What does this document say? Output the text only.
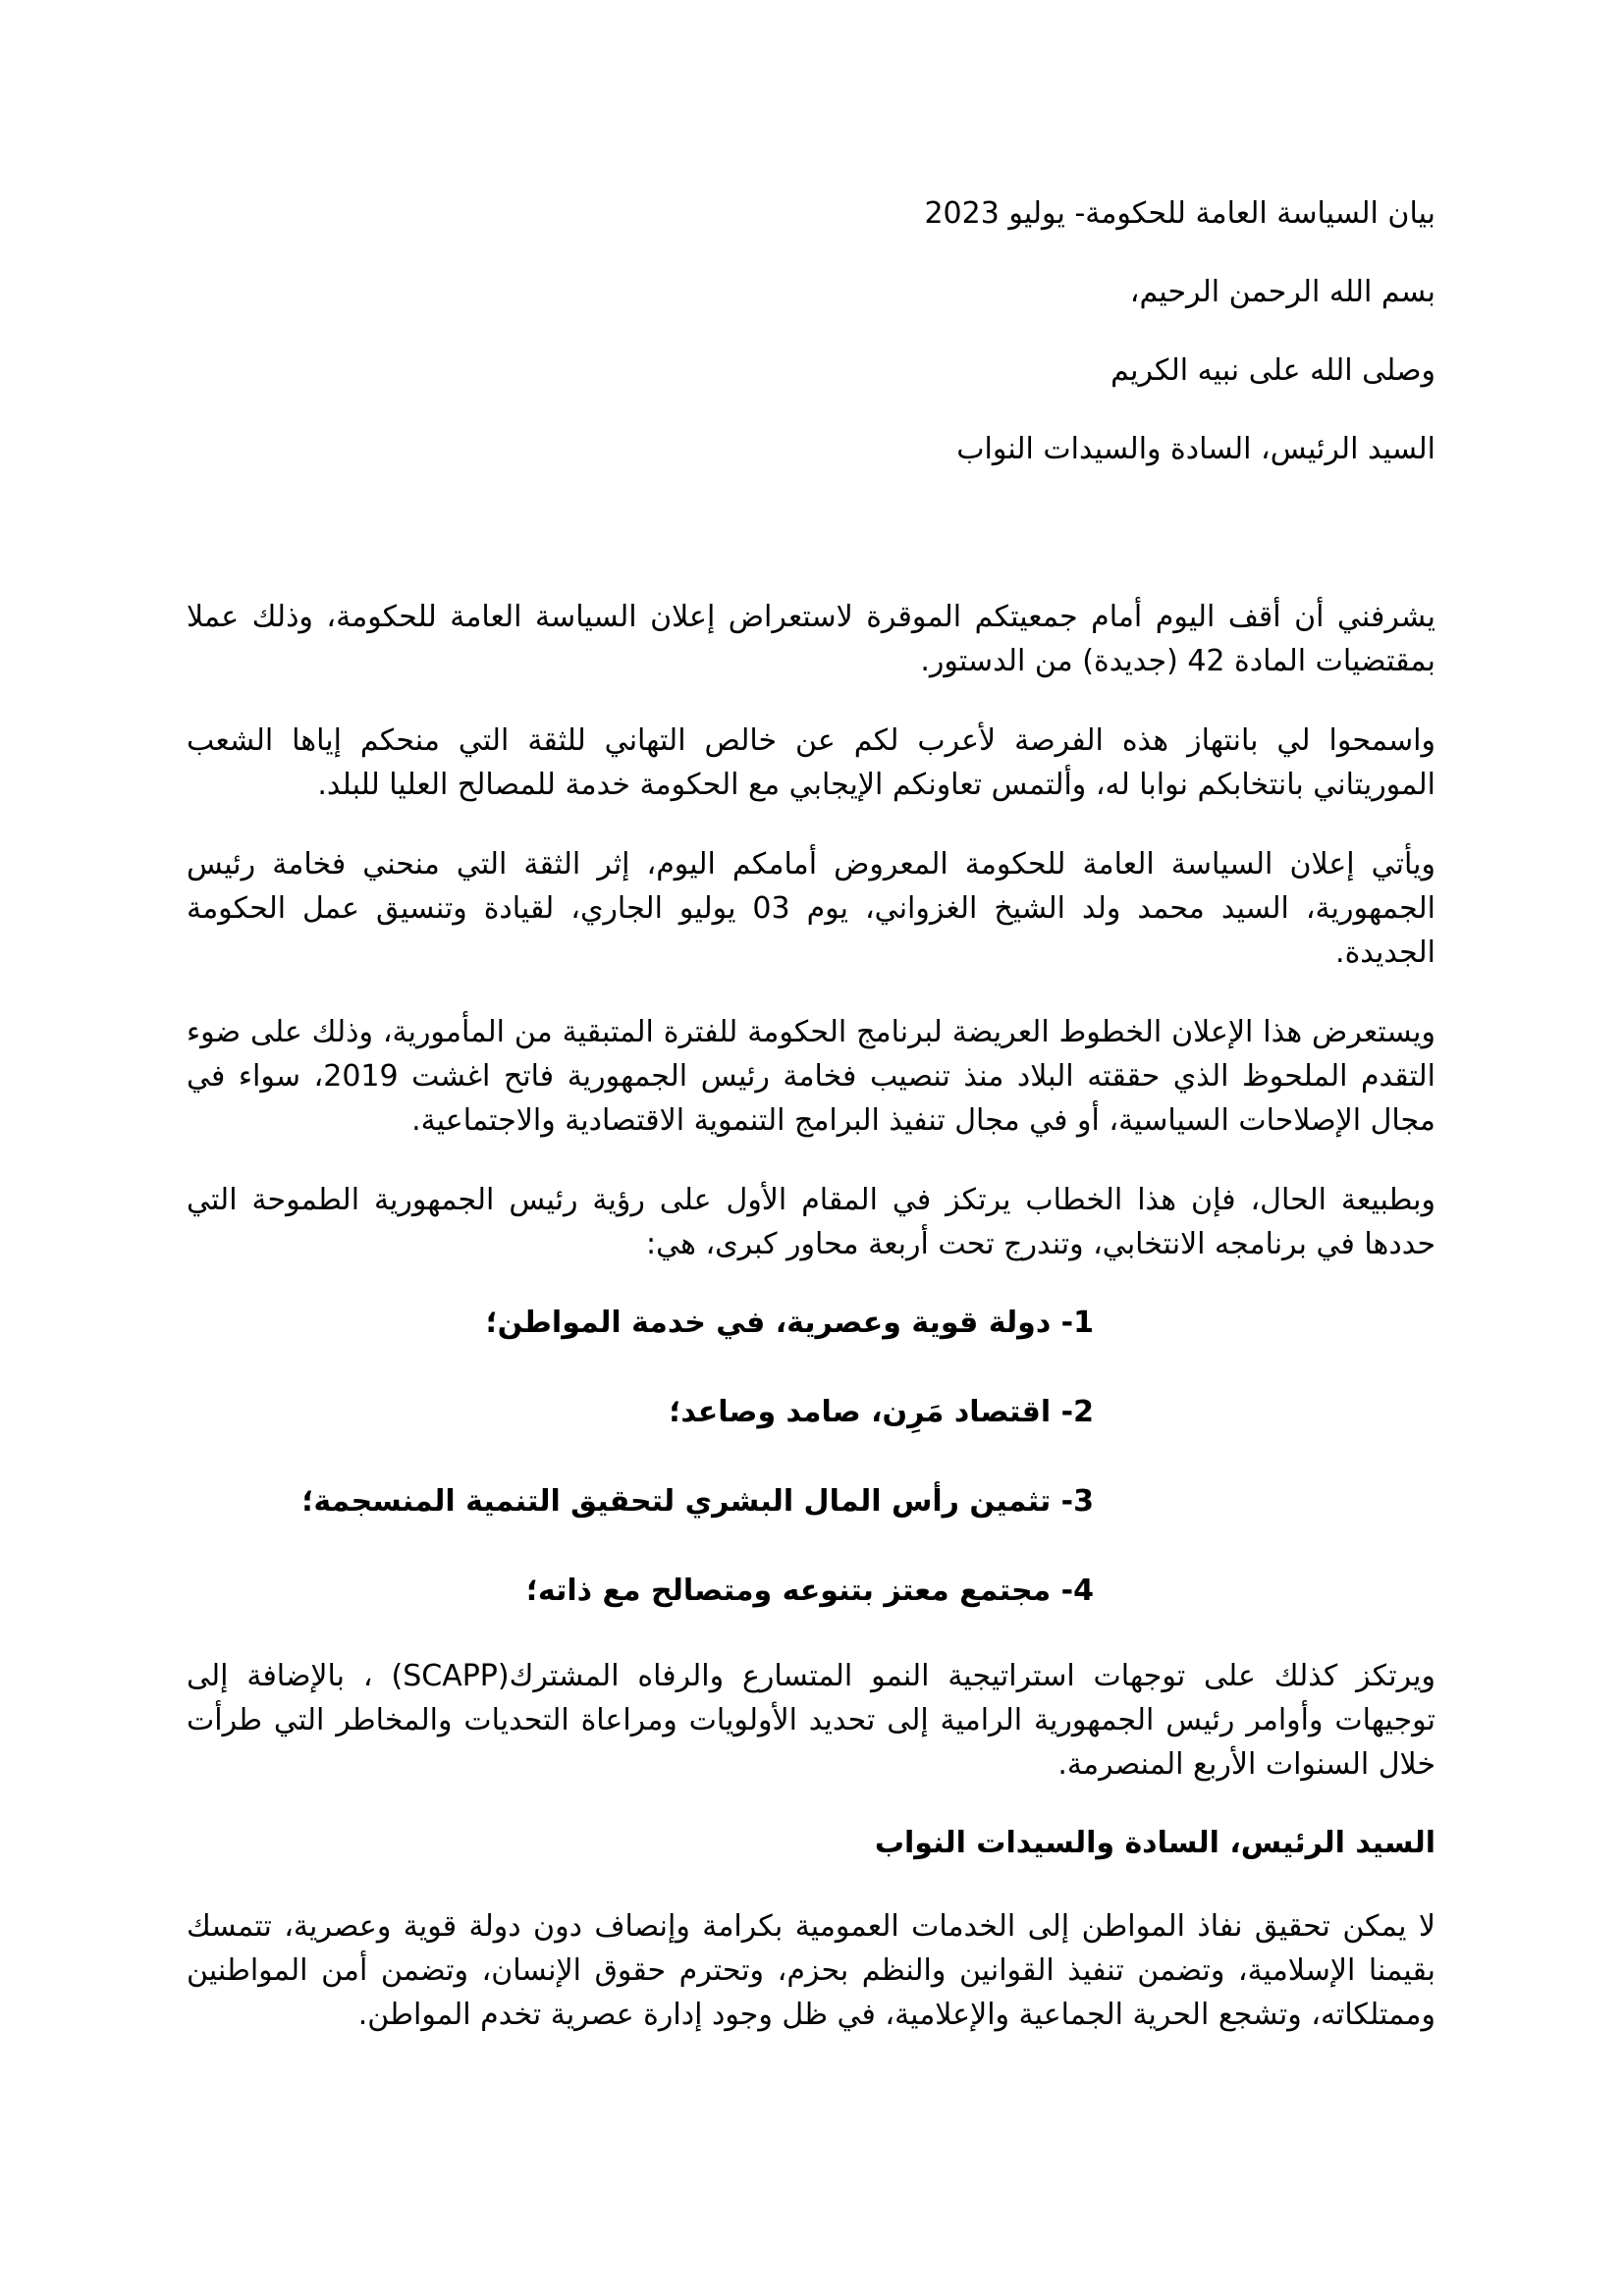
بيان السياسة العامة للحكومة- يوليو 2023
بسم الله الرحمن الرحيم،
وصلى الله على نبيه الكريم
السيد الرئيس، السادة والسيدات النواب

يشرفني أن أقف اليوم أمام جمعيتكم الموقرة لاستعراض إعلان السياسة العامة للحكومة، وذلك عملا بمقتضيات المادة 42 (جديدة) من الدستور.

واسمحوا لي بانتهاز هذه الفرصة لأعرب لكم عن خالص التهاني للثقة التي منحكم إياها الشعب الموريتاني بانتخابكم نوابا له، وألتمس تعاونكم الإيجابي مع الحكومة خدمة للمصالح العليا للبلد.

ويأتي إعلان السياسة العامة للحكومة المعروض أمامكم اليوم، إثر الثقة التي منحني فخامة رئيس الجمهورية، السيد محمد ولد الشيخ الغزواني، يوم 03 يوليو الجاري، لقيادة وتنسيق عمل الحكومة الجديدة.

ويستعرض هذا الإعلان الخطوط العريضة لبرنامج الحكومة للفترة المتبقية من المأمورية، وذلك على ضوء التقدم الملحوظ الذي حققته البلاد منذ تنصيب فخامة رئيس الجمهورية فاتح اغشت 2019، سواء في مجال الإصلاحات السياسية، أو في مجال تنفيذ البرامج التنموية الاقتصادية والاجتماعية.

وبطبيعة الحال، فإن هذا الخطاب يرتكز في المقام الأول على رؤية رئيس الجمهورية الطموحة التي حددها في برنامجه الانتخابي، وتندرج تحت أربعة محاور كبرى، هي:

1- دولة قوية وعصرية، في خدمة المواطن؛
2- اقتصاد مَرِن، صامد وصاعد؛
3- تثمين رأس المال البشري لتحقيق التنمية المنسجمة؛
4- مجتمع معتز بتنوعه ومتصالح مع ذاته؛

ويرتكز كذلك على توجهات استراتيجية النمو المتسارع والرفاه المشترك(SCAPP) ، بالإضافة إلى توجيهات وأوامر رئيس الجمهورية الرامية إلى تحديد الأولويات ومراعاة التحديات والمخاطر التي طرأت خلال السنوات الأربع المنصرمة.

السيد الرئيس، السادة والسيدات النواب

لا يمكن تحقيق نفاذ المواطن إلى الخدمات العمومية بكرامة وإنصاف دون دولة قوية وعصرية، تتمسك بقيمنا الإسلامية، وتضمن تنفيذ القوانين والنظم بحزم، وتحترم حقوق الإنسان، وتضمن أمن المواطنين وممتلكاته، وتشجع الحرية الجماعية والإعلامية، في ظل وجود إدارة عصرية تخدم المواطن.
